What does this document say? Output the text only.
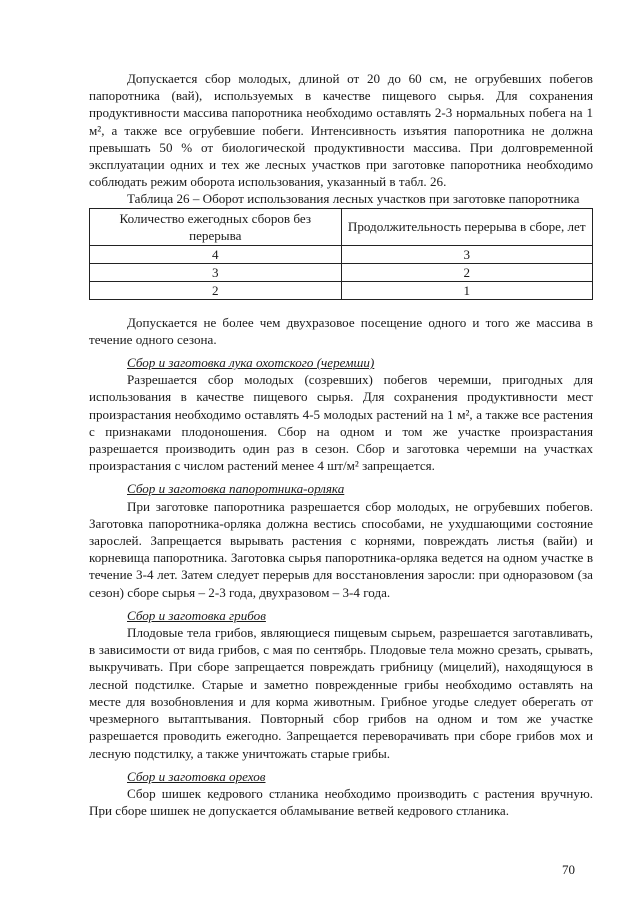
Допускается сбор молодых, длиной от 20 до 60 см, не огрубевших побегов папоротника (вай), используемых в качестве пищевого сырья. Для сохранения продуктивности массива папоротника необходимо оставлять 2-3 нормальных побега на 1 м², а также все огрубевшие побеги. Интенсивность изъятия папоротника не должна превышать 50 % от биологической продуктивности массива. При долговременной эксплуатации одних и тех же лесных участков при заготовке папоротника необходимо соблюдать режим оборота использования, указанный в табл. 26.

Таблица 26 – Оборот использования лесных участков при заготовке папоротника

Количество ежегодных сборов без перерыва	Продолжительность перерыва в сборе, лет
4	3
3	2
2	1

Допускается не более чем двухразовое посещение одного и того же массива в течение одного сезона.

Сбор и заготовка лука охотского (черемши)

Разрешается сбор молодых (созревших) побегов черемши, пригодных для использования в качестве пищевого сырья. Для сохранения продуктивности мест произрастания необходимо оставлять 4-5 молодых растений на 1 м², а также все растения с признаками плодоношения. Сбор на одном и том же участке произрастания разрешается производить один раз в сезон. Сбор и заготовка черемши на участках произрастания с числом растений менее 4 шт/м² запрещается.

Сбор и заготовка папоротника-орляка

При заготовке папоротника разрешается сбор молодых, не огрубевших побегов. Заготовка папоротника-орляка должна вестись способами, не ухудшающими состояние зарослей. Запрещается вырывать растения с корнями, повреждать листья (вайи) и корневища папоротника. Заготовка сырья папоротника-орляка ведется на одном участке в течение 3-4 лет. Затем следует перерыв для восстановления заросли: при одноразовом (за сезон) сборе сырья – 2-3 года, двухразовом – 3-4 года.

Сбор и заготовка грибов

Плодовые тела грибов, являющиеся пищевым сырьем, разрешается заготавливать, в зависимости от вида грибов, с мая по сентябрь. Плодовые тела можно срезать, срывать, выкручивать. При сборе запрещается повреждать грибницу (мицелий), находящуюся в лесной подстилке. Старые и заметно поврежденные грибы необходимо оставлять на месте для возобновления и для корма животным. Грибное угодье следует оберегать от чрезмерного вытаптывания. Повторный сбор грибов на одном и том же участке разрешается проводить ежегодно. Запрещается переворачивать при сборе грибов мох и лесную подстилку, а также уничтожать старые грибы.

Сбор и заготовка орехов

Сбор шишек кедрового стланика необходимо производить с растения вручную. При сборе шишек не допускается обламывание ветвей кедрового стланика.

70
